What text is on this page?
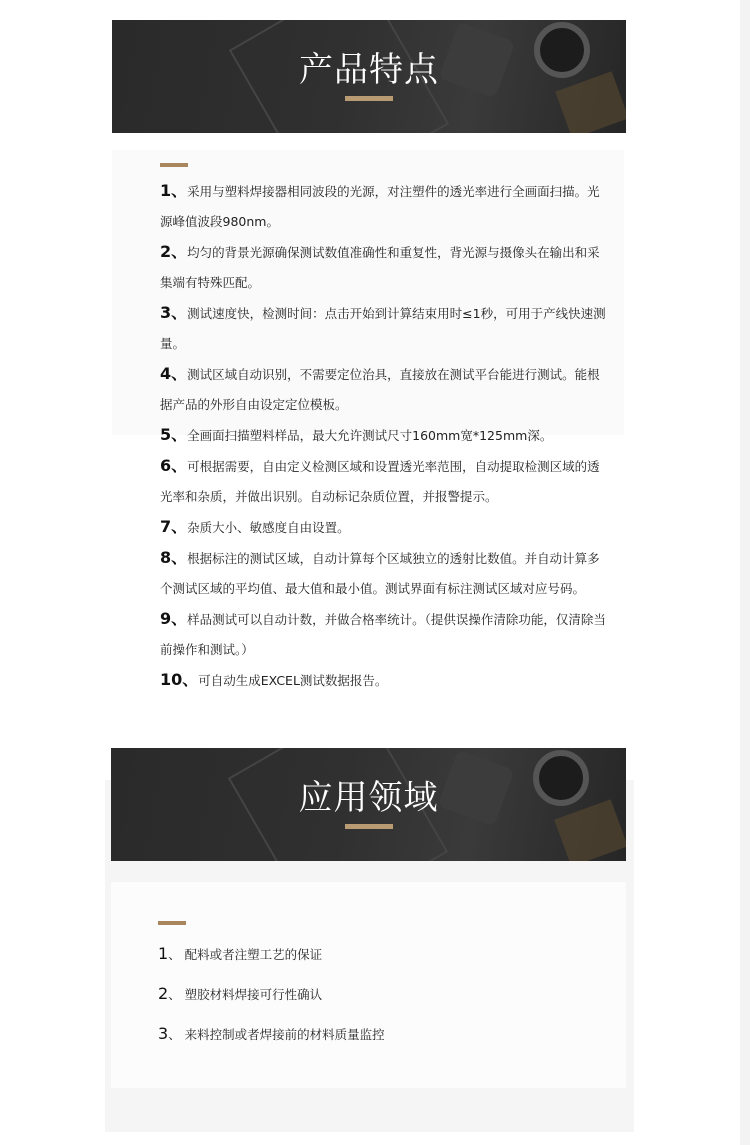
产品特点
1、采用与塑料焊接器相同波段的光源，对注塑件的透光率进行全画面扫描。光源峰值波段980nm。
2、均匀的背景光源确保测试数值准确性和重复性，背光源与摄像头在输出和采集端有特殊匹配。
3、测试速度快，检测时间：点击开始到计算结束用时≤1秒，可用于产线快速测量。
4、测试区域自动识别，不需要定位治具，直接放在测试平台能进行测试。能根据产品的外形自由设定定位模板。
5、全画面扫描塑料样品，最大允许测试尺寸160mm宽*125mm深。
6、可根据需要，自由定义检测区域和设置透光率范围，自动提取检测区域的透光率和杂质，并做出识别。自动标记杂质位置，并报警提示。
7、杂质大小、敏感度自由设置。
8、根据标注的测试区域，自动计算每个区域独立的透射比数值。并自动计算多个测试区域的平均值、最大值和最小值。测试界面有标注测试区域对应号码。
9、样品测试可以自动计数，并做合格率统计。（提供误操作清除功能，仅清除当前操作和测试。）
10、可自动生成EXCEL测试数据报告。
应用领域
1、 配料或者注塑工艺的保证
2、 塑胶材料焊接可行性确认
3、 来料控制或者焊接前的材料质量监控
